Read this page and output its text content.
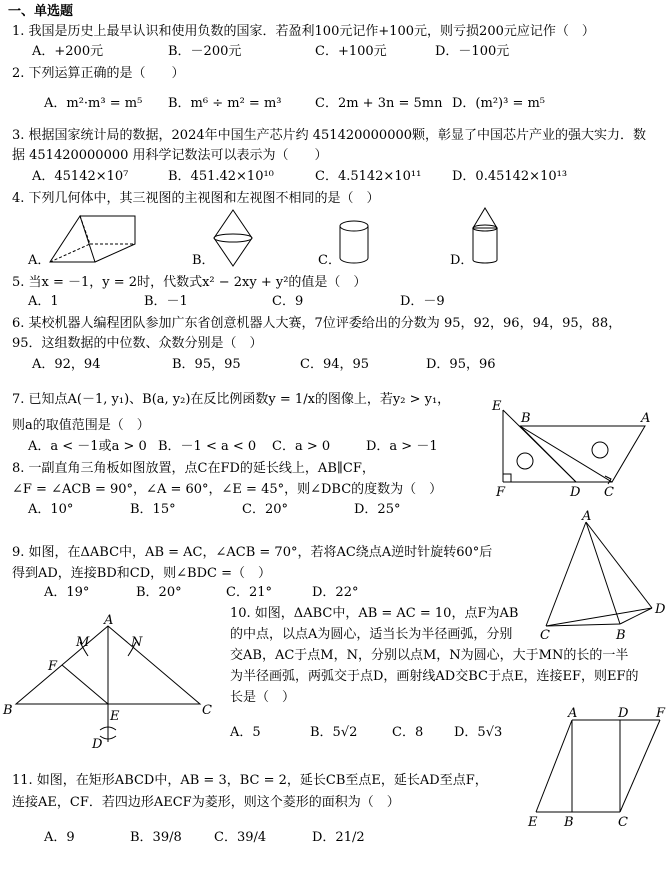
一、单选题
1. 我国是历史上最早认识和使用负数的国家．若盈利100元记作+100元，则亏损200元应记作（　）
A．+200元	B．－200元	C．+100元	D．－100元
2. 下列运算正确的是（　　）
A．m²·m³ = m⁵ B．m⁶ ÷ m² = m³	C．2m + 3n = 5mn D．(m²)³ = m⁵
3. 根据国家统计局的数据，2024年中国生产芯片约 451420000000颗，彰显了中国芯片产业的强大实力．数
据 451420000000 用科学记数法可以表示为（　　）
A．45142×10⁷	B．451.42×10¹⁰	C．4.5142×10¹¹ D．0.45142×10¹³
4. 下列几何体中，其三视图的主视图和左视图不相同的是（　）
A．	B．	C．	D．
5. 当x = －1，y = 2时，代数式x² − 2xy + y²的值是（　）
A．1	B．－1	C．9	D．－9
6. 某校机器人编程团队参加广东省创意机器人大赛，7位评委给出的分数为 95，92，96，94，95，88，
95．这组数据的中位数、众数分别是（　）
A．92，94	B．95，95	C．94，95	D．95，96
7. 已知点A(－1, y₁)、B(a, y₂)在反比例函数y = 1/x的图像上，若y₂ > y₁，
则a的取值范围是（　）
A．a < －1或a > 0 B．－1 < a < 0 C．a > 0	D．a > －1
E
B	A
F	D C
8. 一副直角三角板如图放置，点C在FD的延长线上，AB∥CF，
∠F = ∠ACB = 90°，∠A = 60°，∠E = 45°，则∠DBC的度数为（　）
A．10°	B．15°	C．20°	D．25°
9. 如图，在ΔABC中，AB = AC，∠ACB = 70°，若将AC绕点A逆时针旋转60°后
得到AD，连接BD和CD，则∠BDC =（　）
A．19°	B．20°	C．21°	D．22°
A
D
C	B
10. 如图，ΔABC中，AB = AC = 10，点F为AB
的中点，以点A为圆心，适当长为半径画弧，分别
交AB，AC于点M，N，分别以点M，N为圆心，大于MN的长的一半
为半径画弧，两弧交于点D，画射线AD交BC于点E，连接EF，则EF的
长是（　）
A．5	B．5√2	C．8 D．5√3
A
M	N
F
B	E	C
D
A	D F
E B	C
11. 如图，在矩形ABCD中，AB = 3，BC = 2，延长CB至点E，延长AD至点F，
连接AE，CF．若四边形AECF为菱形，则这个菱形的面积为（　）
A．9	B．39/8 C．39/4	D．21/2
